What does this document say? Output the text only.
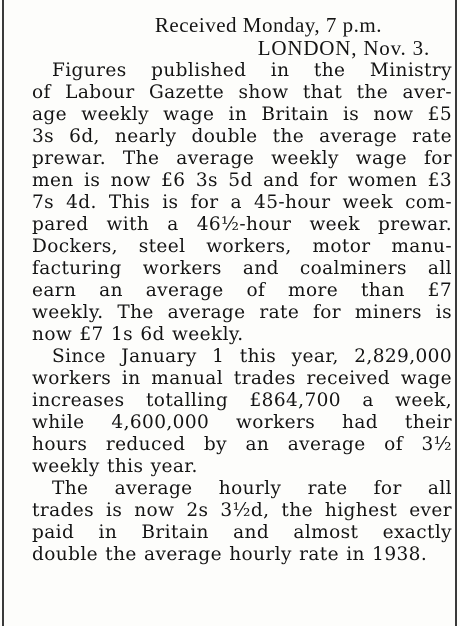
Received Monday, 7 p.m.
LONDON, Nov. 3.
Figures published in the Ministry
of Labour Gazette show that the aver-
age weekly wage in Britain is now £5
3s 6d, nearly double the average rate
prewar. The average weekly wage for
men is now £6 3s 5d and for women £3
7s 4d. This is for a 45-hour week com-
pared with a 46½-hour week prewar.
Dockers, steel workers, motor manu-
facturing workers and coalminers all
earn an average of more than £7
weekly. The average rate for miners is
now £7 1s 6d weekly.
Since January 1 this year, 2,829,000
workers in manual trades received wage
increases totalling £864,700 a week,
while 4,600,000 workers had their
hours reduced by an average of 3½
weekly this year.
The average hourly rate for all
trades is now 2s 3½d, the highest ever
paid in Britain and almost exactly
double the average hourly rate in 1938.
